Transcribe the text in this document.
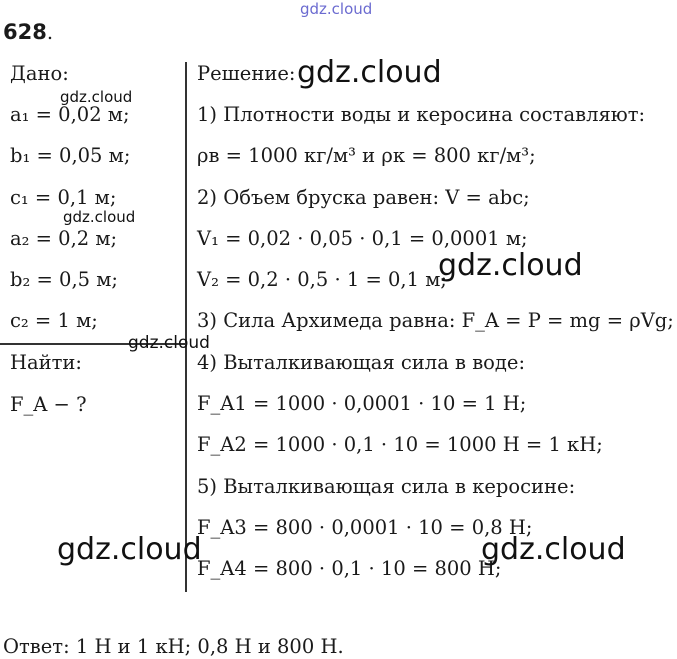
gdz.cloud
628.
Дано:
a₁ = 0,02 м;
b₁ = 0,05 м;
c₁ = 0,1 м;
a₂ = 0,2 м;
b₂ = 0,5 м;
c₂ = 1 м;
Найти:
F_A − ?
Решение:
1) Плотности воды и керосина составляют:
ρв = 1000 кг/м³ и ρк = 800 кг/м³;
2) Объем бруска равен: V = abc;
V₁ = 0,02 · 0,05 · 0,1 = 0,0001 м;
V₂ = 0,2 · 0,5 · 1 = 0,1 м;
3) Сила Архимеда равна: F_A = P = mg = ρVg;
4) Выталкивающая сила в воде:
F_A1 = 1000 · 0,0001 · 10 = 1 Н;
F_A2 = 1000 · 0,1 · 10 = 1000 Н = 1 кН;
5) Выталкивающая сила в керосине:
F_A3 = 800 · 0,0001 · 10 = 0,8 Н;
F_A4 = 800 · 0,1 · 10 = 800 Н;
Ответ: 1 Н и 1 кН; 0,8 Н и 800 Н.
gdz.cloud
gdz.cloud
gdz.cloud
gdz.cloud
gdz.cloud
gdz.cloud	gdz.cloud
